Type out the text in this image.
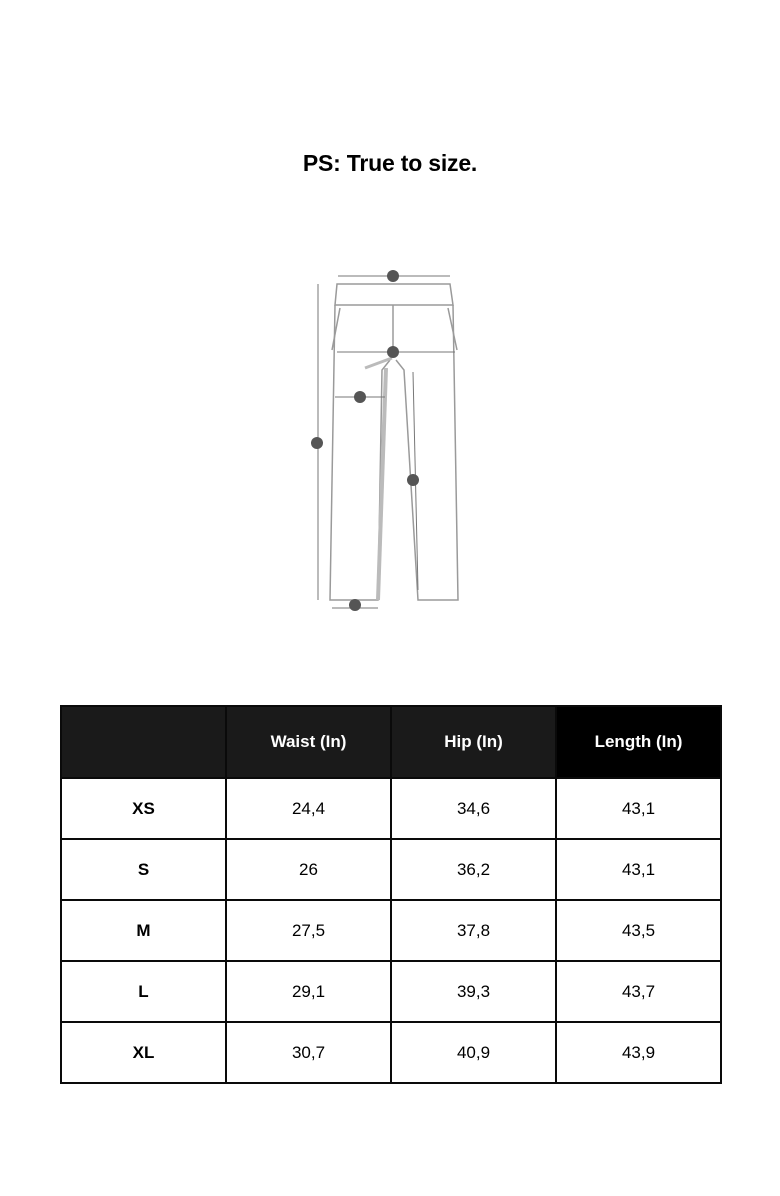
PS: True to size.
	Waist (In)	Hip (In)	Length (In)
XS	24,4	34,6	43,1
S	26	36,2	43,1
M	27,5	37,8	43,5
L	29,1	39,3	43,7
XL	30,7	40,9	43,9
